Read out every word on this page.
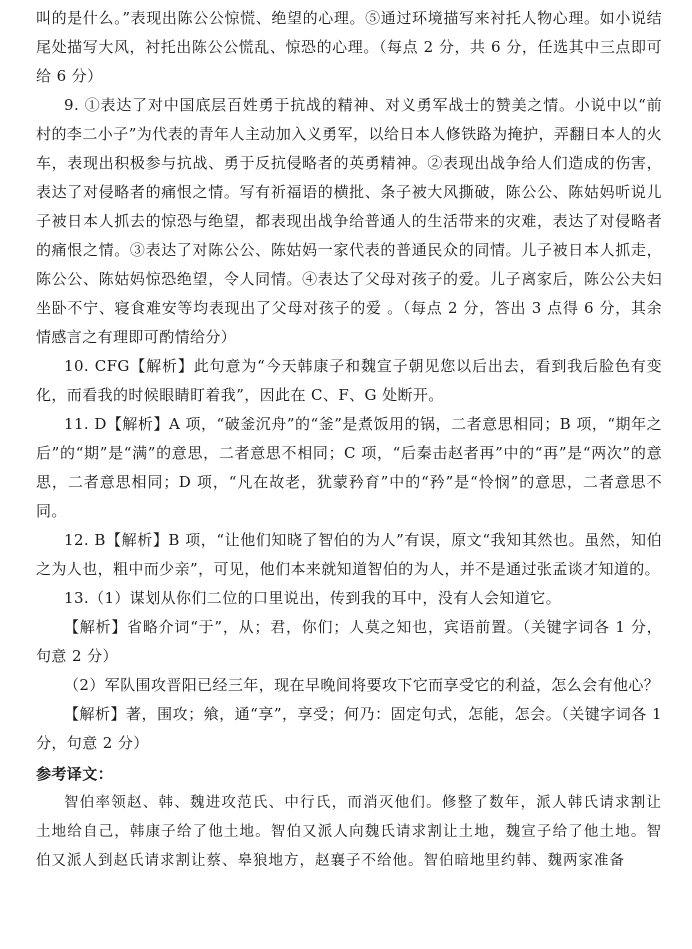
叫的是什么。”表现出陈公公惊慌、绝望的心理。⑤通过环境描写来衬托人物心理。如小说结尾处描写大风，衬托出陈公公慌乱、惊恐的心理。（每点 2 分，共 6 分，任选其中三点即可给 6 分）

9. ①表达了对中国底层百姓勇于抗战的精神、对义勇军战士的赞美之情。小说中以“前村的李二小子”为代表的青年人主动加入义勇军，以给日本人修铁路为掩护，弄翻日本人的火车，表现出积极参与抗战、勇于反抗侵略者的英勇精神。②表现出战争给人们造成的伤害，表达了对侵略者的痛恨之情。写有祈福语的横批、条子被大风撕破，陈公公、陈姑妈听说儿子被日本人抓去的惊恐与绝望，都表现出战争给普通人的生活带来的灾难，表达了对侵略者的痛恨之情。③表达了对陈公公、陈姑妈一家代表的普通民众的同情。儿子被日本人抓走，陈公公、陈姑妈惊恐绝望，令人同情。④表达了父母对孩子的爱。儿子离家后，陈公公夫妇坐卧不宁、寝食难安等均表现出了父母对孩子的爱 。（每点 2 分，答出 3 点得 6 分，其余情感言之有理即可酌情给分）

10. CFG【解析】此句意为“今天韩康子和魏宣子朝见您以后出去，看到我后脸色有变化，而看我的时候眼睛盯着我”，因此在 C、F、G 处断开。

11. D【解析】A 项，“破釜沉舟”的“釜”是煮饭用的锅，二者意思相同；B 项，“期年之后”的“期”是“满”的意思，二者意思不相同；C 项，“后秦击赵者再”中的“再”是“两次”的意思，二者意思相同；D 项，“凡在故老，犹蒙矜育”中的“矜”是“怜悯”的意思，二者意思不同。

12. B【解析】B 项，“让他们知晓了智伯的为人”有误，原文“我知其然也。虽然，知伯之为人也，粗中而少亲”，可见，他们本来就知道智伯的为人，并不是通过张孟谈才知道的。

13.（1）谋划从你们二位的口里说出，传到我的耳中，没有人会知道它。

【解析】省略介词“于”，从；君，你们；人莫之知也，宾语前置。（关键字词各 1 分，句意 2 分）

（2）军队围攻晋阳已经三年，现在早晚间将要攻下它而享受它的利益，怎么会有他心？

【解析】著，围攻；飨，通“享”，享受；何乃：固定句式，怎能，怎会。（关键字词各 1 分，句意 2 分）

参考译文：

智伯率领赵、韩、魏进攻范氏、中行氏，而消灭他们。修整了数年，派人韩氏请求割让土地给自己，韩康子给了他土地。智伯又派人向魏氏请求割让土地，魏宣子给了他土地。智伯又派人到赵氏请求割让蔡、皋狼地方，赵襄子不给他。智伯暗地里约韩、魏两家准备
